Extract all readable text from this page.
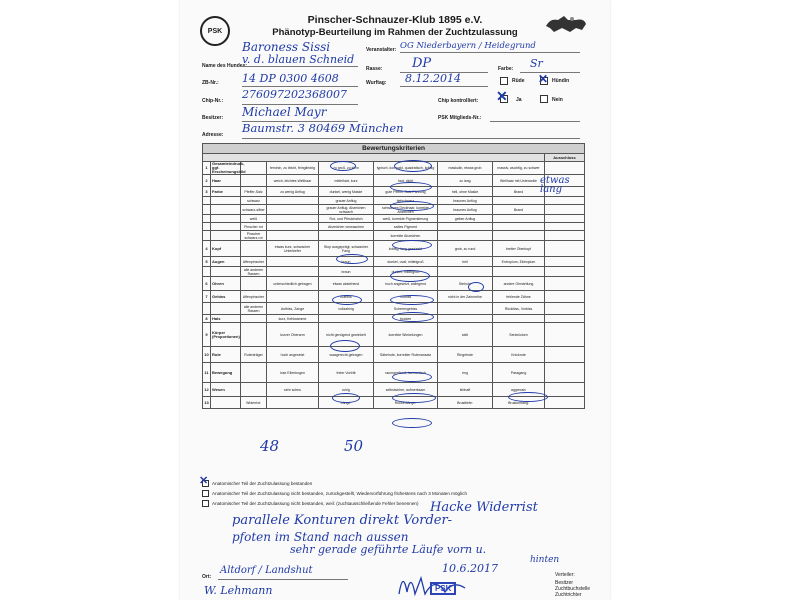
PSK
Pinscher-Schnauzer-Klub 1895 e.V.
Phänotyp-Beurteilung im Rahmen der Zuchtzulassung
Name des Hundes:
Baroness Sissi
v. d. blauen Schneid
Veranstalter: OG Niederbayern / Heidegrund
Rasse: DP	Farbe: Sr
ZB-Nr.: 14 DP 0300 4608	Wurftag: 8.12.2014	Rüde ✕ Hündin
Chip-Nr.: 276097202368007	Chip kontrolliert: ✕ Ja	Nein
Besitzer: Michael Mayr	PSK Mitglieds-Nr.:
Adresse: Baumstr. 3 80469 München
Bewertungskriterien								
								Ausschluss
1	Gesamteindruck, ggf. Erscheinungsbild		feminin, zu leicht, feingliedrig	zu groß, zu klein	typisch, kompakt, quadratisch, kräftig	maskulin, etwas grob	massiv, wuchtig, zu schwer	
2	Haar		weich, leichtes Wellhaar	mittelhart, kurz	hart, dicht	zu lang	Wellhaar mit Unterwolle	
3	Farbe	Pfeffer-Salz	zu wenig Anflug	dunkel, wenig Maske	gute Pfeffer-Salz-Färbung	hell, ohne Maske	Brand	
		schwarz		grauer Anflug	tiefschwarz	braunes Anflug		
		schwarz-silber		grauer Anflug, Abzeichen schwach	schwarzes Deckhaar, korrekte Abzeichen	braunes Anflug	Brand	
		weiß		Rot- und Pfirsichstich	weiß, korrekte Pigmentierung	gelber Anflug		
		Pinscher rot		Abzeichen verwaschen	sattes Pigment			
		Pinscher schwarz-rot			korrekte Abzeichen			
4	Kopf		etwas kurz, schwacher Unterkiefer	Stop ausgeprägt, schwacher Fang	kräftig, lang gestreckt	grob, zu rund	breiter Oberkopf	
5	Augen	Affenpinscher		braun	dunkel, oval, mittelgroß	hell	Entropium, Ektropium	
		alle anderen Rassen		braun	dunkel, mittelgroß			
6	Ohren		unterschiedlich getragen	etwas abstehend	hoch angesetzt, anliegend	Stehohr	andere Ohrstellung	
7	Gebiss	Affenpinscher		Aufbiss	Vorbiss	nicht in der Zahnreihe	fehlende Zähne	
		alle anderen Rassen	Aufbiss, Zange	vollzahnig	Scherengebiss		Rückbiss, Vorbiss	
8	Hals		kurz, Kehlwamme		trocken			
9	Körper (Proportionen)		kurzer Oberarm	nicht genügend gewinkelt	korrekte Winkelungen	steil	Senkrücken	
10	Rute	Rutenträger	hoch angesetzt	waagerecht getragen	Säbelrute, korrekter Rutenansatz	Ringelrute	Knickrute	
11	Bewegung		lose Ellenbogen	freier Vortritt	raumgreifend, harmonisch	eng	Passgang	
12	Wesen		sehr scheu	ruhig	selbstsicher, aufmerksam	lebhaft	aggressiv	
13		Widerrist:		Länge:	Rückenlänge:	Brusttiefe:	Brustumfang:	
etwas lang
48	50
✕ Anatomischer Teil der Zuchtzulassung bestanden
Anatomischer Teil der Zuchtzulassung nicht bestanden, zurückgestellt, Wiedervorführung frühestens nach 3 Monaten möglich
Anatomischer Teil der Zuchtzulassung nicht bestanden, weil: (zuchtausschließende Fehler benennen) Hacke Widerrist
parallele Konturen direkt Vorder-
pfoten im Stand nach aussen
sehr gerade geführte Läufe vorn u.
hinten
Ort:
Altdorf / Landshut	10.6.2017
W. Lehmann	PSK
Verteiler:
Besitzer
Zuchtbuchstelle
Zuchtrichter
